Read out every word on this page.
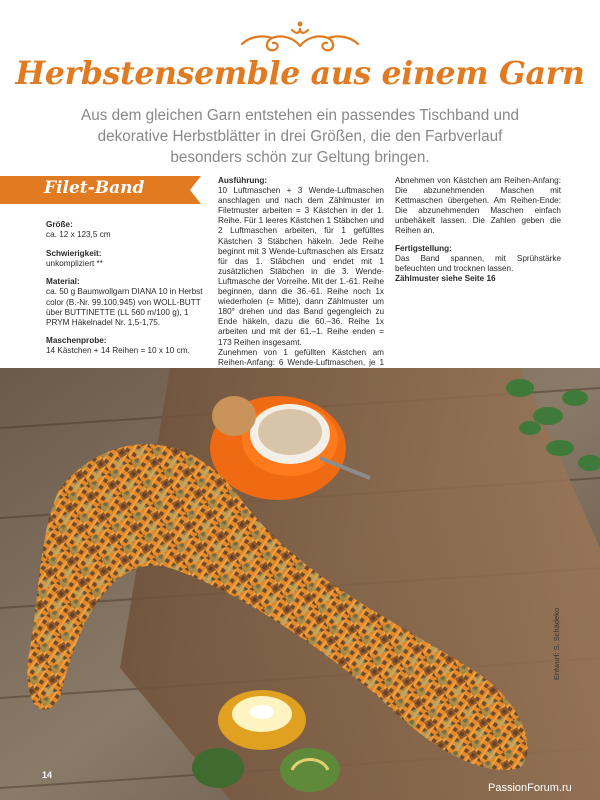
Herbstensemble aus einem Garn
Aus dem gleichen Garn entstehen ein passendes Tischband und dekorative Herbstblätter in drei Größen, die den Farbverlauf besonders schön zur Geltung bringen.
Filet-Band
Größe:
ca. 12 x 123,5 cm
Schwierigkeit:
unkompliziert **
Material:
ca. 50 g Baumwollgarn DIANA 10 in Herbst color (B.-Nr. 99.100.945) von WOLL-BUTT über BUTTINETTE (LL 560 m/100 g), 1 PRYM Häkelnadel Nr. 1,5-1,75.
Maschenprobe:
14 Kästchen + 14 Reihen = 10 x 10 cm.
Ausführung:
10 Luftmaschen + 3 Wende-Luftmaschen anschlagen und nach dem Zählmuster im Filetmuster arbeiten = 3 Kästchen in der 1. Reihe. Für 1 leeres Kästchen 1 Stäbchen und 2 Luftmaschen arbeiten, für 1 gefülltes Kästchen 3 Stäbchen häkeln. Jede Reihe beginnt mit 3 Wende-Luftmaschen als Ersatz für das 1. Stäbchen und endet mit 1 zusätzlichen Stäbchen in die 3. Wende-Luftmasche der Vorreihe. Mit der 1.-61. Reihe beginnen, dann die 36.-61. Reihe noch 1x wiederholen (= Mitte), dann Zählmuster um 180° drehen und das Band gegengleich zu Ende häkeln, dazu die 60.–36. Reihe 1x arbeiten und mit der 61.–1. Reihe enden = 173 Reihen insgesamt.
Zunehmen von 1 gefüllten Kästchen am Reihen-Anfang: 6 Wende-Luftmaschen, je 1
Abnehmen von Kästchen am Reihen-Anfang: Die abzunehmenden Maschen mit Kettmaschen übergehen. Am Reihen-Ende: Die abzunehmenden Maschen einfach unbehäkelt lassen. Die Zahlen geben die Reihen an.
Fertigstellung:
Das Band spannen, mit Sprühstärke befeuchten und trocknen lassen.
Zählmuster siehe Seite 16
Entwurf: S. Schädeko
14
PassionForum.ru
